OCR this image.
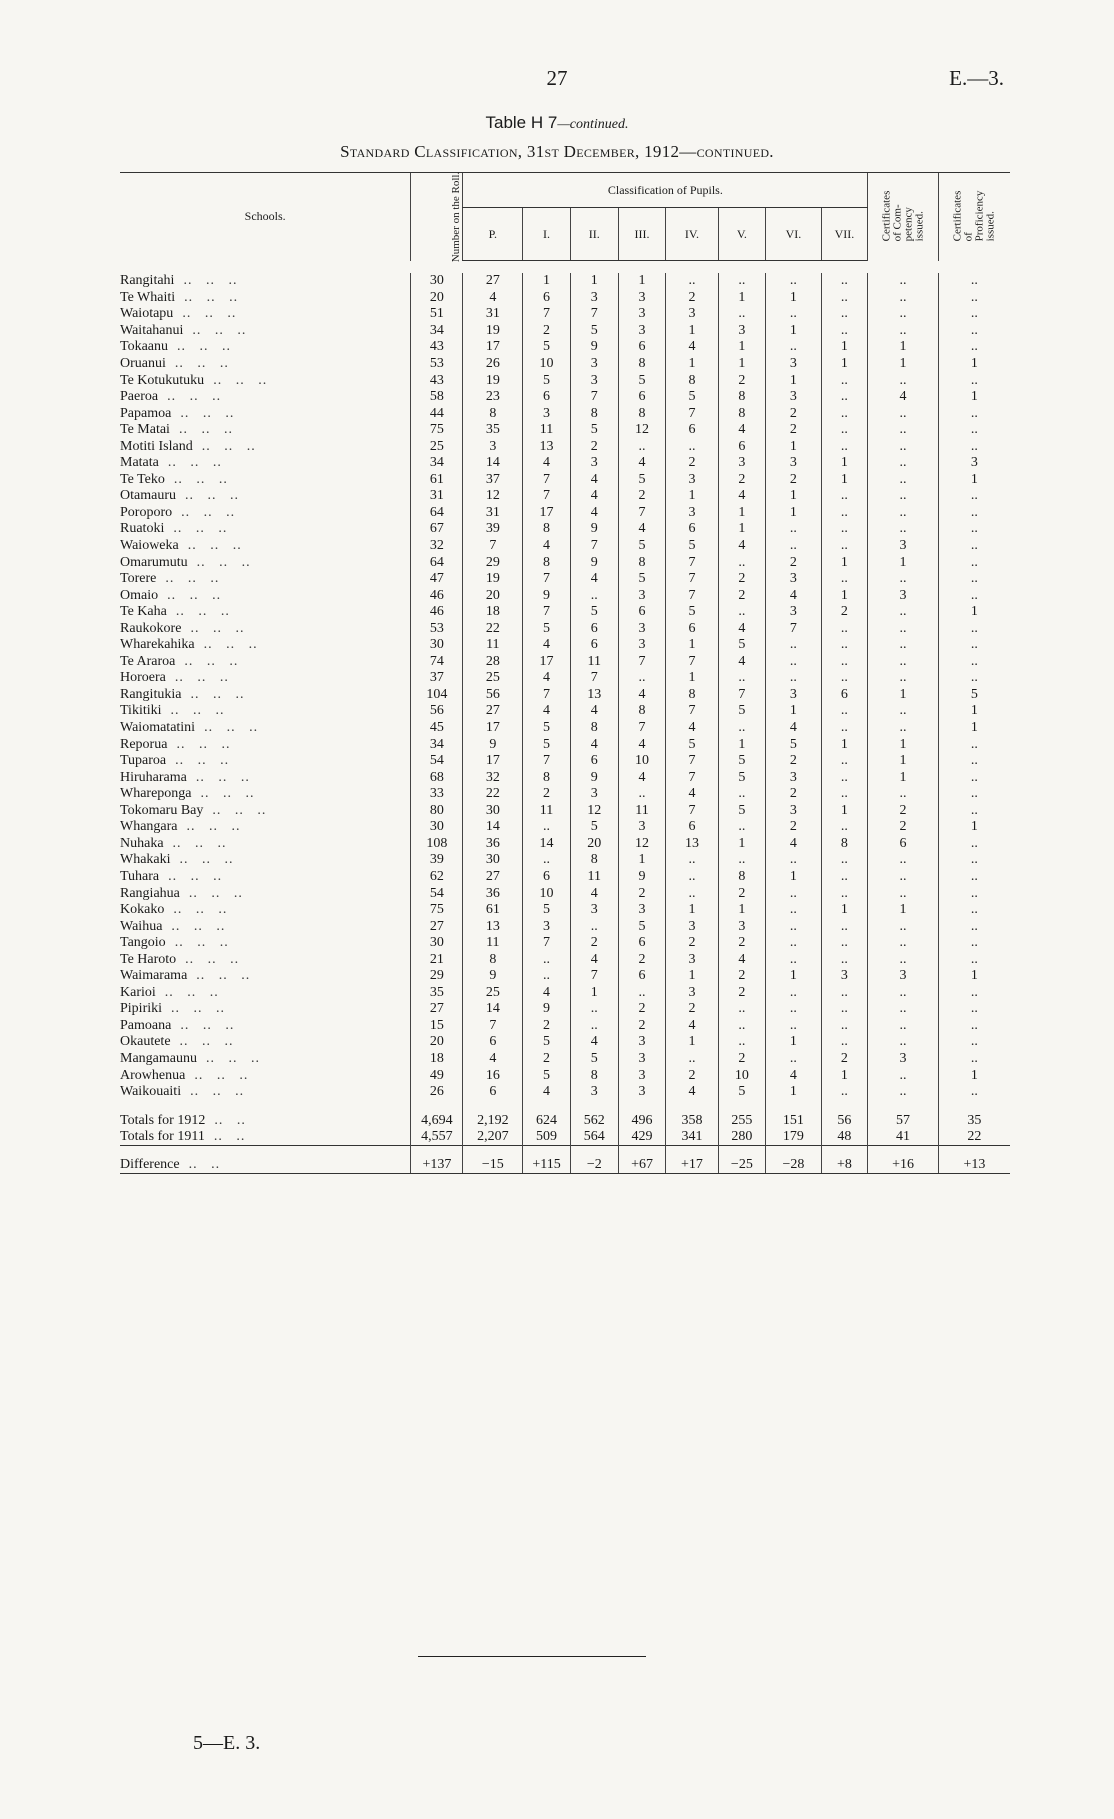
27	E.—3.
Table H 7—continued.
Standard Classification, 31st December, 1912—continued.
Schools.	Number on the Roll.	Classification of Pupils.								Certificates
of Com-
petency
issued.	Certificates
of
Proficiency
issued.
		P.	I.	II.	III.	IV.	V.	VI.	VII.		

Rangitahi  ..   ..   ..	30	27	1	1	1	..	..	..	..	..	..
Te Whaiti  ..   ..   ..	20	4	6	3	3	2	1	1	..	..	..
Waiotapu  ..   ..   ..	51	31	7	7	3	3	..	..	..	..	..
Waitahanui  ..   ..   ..	34	19	2	5	3	1	3	1	..	..	..
Tokaanu  ..   ..   ..	43	17	5	9	6	4	1	..	1	1	..
Oruanui  ..   ..   ..	53	26	10	3	8	1	1	3	1	1	1
Te Kotukutuku  ..   ..   ..	43	19	5	3	5	8	2	1	..	..	..
Paeroa  ..   ..   ..	58	23	6	7	6	5	8	3	..	4	1
Papamoa  ..   ..   ..	44	8	3	8	8	7	8	2	..	..	..
Te Matai  ..   ..   ..	75	35	11	5	12	6	4	2	..	..	..
Motiti Island  ..   ..   ..	25	3	13	2	..	..	6	1	..	..	..
Matata  ..   ..   ..	34	14	4	3	4	2	3	3	1	..	3
Te Teko  ..   ..   ..	61	37	7	4	5	3	2	2	1	..	1
Otamauru  ..   ..   ..	31	12	7	4	2	1	4	1	..	..	..
Poroporo  ..   ..   ..	64	31	17	4	7	3	1	1	..	..	..
Ruatoki  ..   ..   ..	67	39	8	9	4	6	1	..	..	..	..
Waioweka  ..   ..   ..	32	7	4	7	5	5	4	..	..	3	..
Omarumutu  ..   ..   ..	64	29	8	9	8	7	..	2	1	1	..
Torere  ..   ..   ..	47	19	7	4	5	7	2	3	..	..	..
Omaio  ..   ..   ..	46	20	9	..	3	7	2	4	1	3	..
Te Kaha  ..   ..   ..	46	18	7	5	6	5	..	3	2	..	1
Raukokore  ..   ..   ..	53	22	5	6	3	6	4	7	..	..	..
Wharekahika  ..   ..   ..	30	11	4	6	3	1	5	..	..	..	..
Te Araroa  ..   ..   ..	74	28	17	11	7	7	4	..	..	..	..
Horoera  ..   ..   ..	37	25	4	7	..	1	..	..	..	..	..
Rangitukia  ..   ..   ..	104	56	7	13	4	8	7	3	6	1	5
Tikitiki  ..   ..   ..	56	27	4	4	8	7	5	1	..	..	1
Waiomatatini  ..   ..   ..	45	17	5	8	7	4	..	4	..	..	1
Reporua  ..   ..   ..	34	9	5	4	4	5	1	5	1	1	..
Tuparoa  ..   ..   ..	54	17	7	6	10	7	5	2	..	1	..
Hiruharama  ..   ..   ..	68	32	8	9	4	7	5	3	..	1	..
Whareponga  ..   ..   ..	33	22	2	3	..	4	..	2	..	..	..
Tokomaru Bay  ..   ..   ..	80	30	11	12	11	7	5	3	1	2	..
Whangara  ..   ..   ..	30	14	..	5	3	6	..	2	..	2	1
Nuhaka  ..   ..   ..	108	36	14	20	12	13	1	4	8	6	..
Whakaki  ..   ..   ..	39	30	..	8	1	..	..	..	..	..	..
Tuhara  ..   ..   ..	62	27	6	11	9	..	8	1	..	..	..
Rangiahua  ..   ..   ..	54	36	10	4	2	..	2	..	..	..	..
Kokako  ..   ..   ..	75	61	5	3	3	1	1	..	1	1	..
Waihua  ..   ..   ..	27	13	3	..	5	3	3	..	..	..	..
Tangoio  ..   ..   ..	30	11	7	2	6	2	2	..	..	..	..
Te Haroto  ..   ..   ..	21	8	..	4	2	3	4	..	..	..	..
Waimarama  ..   ..   ..	29	9	..	7	6	1	2	1	3	3	1
Karioi  ..   ..   ..	35	25	4	1	..	3	2	..	..	..	..
Pipiriki  ..   ..   ..	27	14	9	..	2	2	..	..	..	..	..
Pamoana  ..   ..   ..	15	7	2	..	2	4	..	..	..	..	..
Okautete  ..   ..   ..	20	6	5	4	3	1	..	1	..	..	..
Mangamaunu  ..   ..   ..	18	4	2	5	3	..	2	..	2	3	..
Arowhenua  ..   ..   ..	49	16	5	8	3	2	10	4	1	..	1
Waikouaiti  ..   ..   ..	26	6	4	3	3	4	5	1	..	..	..

Totals for 1912  ..   ..	4,694	2,192	624	562	496	358	255	151	56	57	35
Totals for 1911  ..   ..	4,557	2,207	509	564	429	341	280	179	48	41	22

Difference  ..   ..	+137	−15	+115	−2	+67	+17	−25	−28	+8	+16	+13
5—E. 3.
